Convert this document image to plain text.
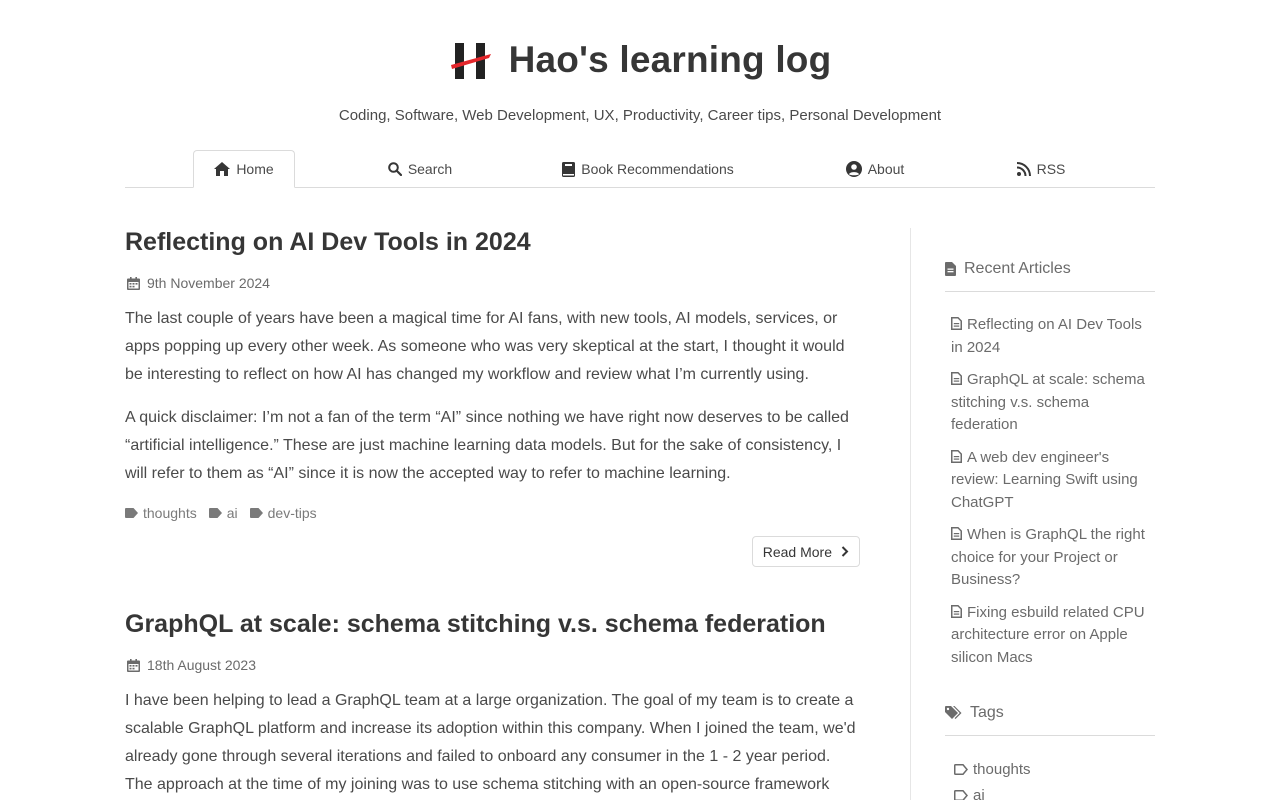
Hao's learning log
Coding, Software, Web Development, UX, Productivity, Career tips, Personal Development
Home	Search	Book Recommendations	About	RSS
Reflecting on AI Dev Tools in 2024
9th November 2024

The last couple of years have been a magical time for AI fans, with new tools, AI models, services, or apps popping up every other week. As someone who was very skeptical at the start, I thought it would be interesting to reflect on how AI has changed my workflow and review what I’m currently using.

A quick disclaimer: I’m not a fan of the term “AI” since nothing we have right now deserves to be called “artificial intelligence.” These are just machine learning data models. But for the sake of consistency, I will refer to them as “AI” since it is now the accepted way to refer to machine learning.

thoughts ai dev-tips
Read More
GraphQL at scale: schema stitching v.s. schema federation
18th August 2023

I have been helping to lead a GraphQL team at a large organization. The goal of my team is to create a scalable GraphQL platform and increase its adoption within this company. When I joined the team, we'd already gone through several iterations and failed to onboard any consumer in the 1 - 2 year period. The approach at the time of my joining was to use schema stitching with an open-source framework

Recent Articles
Reflecting on AI Dev Tools in 2024
GraphQL at scale: schema stitching v.s. schema federation
A web dev engineer's review: Learning Swift using ChatGPT
When is GraphQL the right choice for your Project or Business?
Fixing esbuild related CPU architecture error on Apple silicon Macs
Tags
thoughts
ai
